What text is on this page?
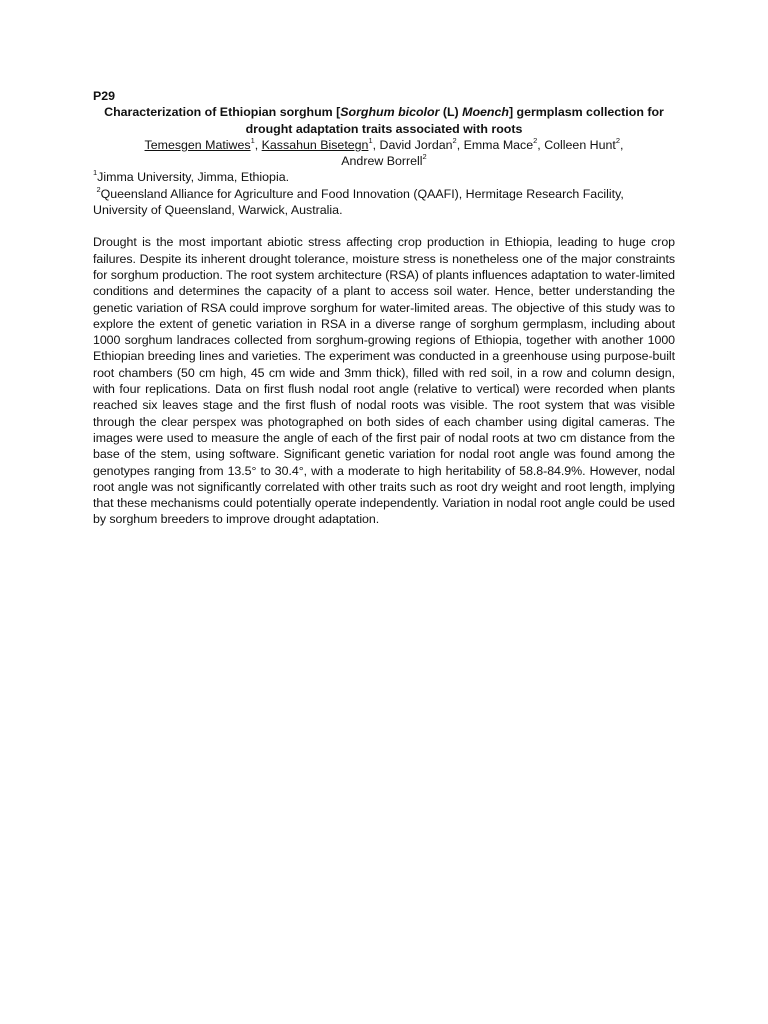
P29

Characterization of Ethiopian sorghum [Sorghum bicolor (L) Moench] germplasm collection for drought adaptation traits associated with roots

Temesgen Matiwes$^1$, Kassahun Bisetegn$^1$, David Jordan$^2$, Emma Mace$^2$, Colleen Hunt$^2$,
Andrew Borrell$^2$

$^1$Jimma University, Jimma, Ethiopia.

$^2$Queensland Alliance for Agriculture and Food Innovation (QAAFI), Hermitage Research Facility, University of Queensland, Warwick, Australia.

Drought is the most important abiotic stress affecting crop production in Ethiopia, leading to huge crop failures. Despite its inherent drought tolerance, moisture stress is nonetheless one of the major constraints for sorghum production. The root system architecture (RSA) of plants influences adaptation to water-limited conditions and determines the capacity of a plant to access soil water. Hence, better understanding the genetic variation of RSA could improve sorghum for water-limited areas. The objective of this study was to explore the extent of genetic variation in RSA in a diverse range of sorghum germplasm, including about 1000 sorghum landraces collected from sorghum-growing regions of Ethiopia, together with another 1000 Ethiopian breeding lines and varieties. The experiment was conducted in a greenhouse using purpose-built root chambers (50 cm high, 45 cm wide and 3mm thick), filled with red soil, in a row and column design, with four replications. Data on first flush nodal root angle (relative to vertical) were recorded when plants reached six leaves stage and the first flush of nodal roots was visible. The root system that was visible through the clear perspex was photographed on both sides of each chamber using digital cameras. The images were used to measure the angle of each of the first pair of nodal roots at two cm distance from the base of the stem, using software. Significant genetic variation for nodal root angle was found among the genotypes ranging from 13.5° to 30.4°, with a moderate to high heritability of 58.8-84.9%. However, nodal root angle was not significantly correlated with other traits such as root dry weight and root length, implying that these mechanisms could potentially operate independently. Variation in nodal root angle could be used by sorghum breeders to improve drought adaptation.
